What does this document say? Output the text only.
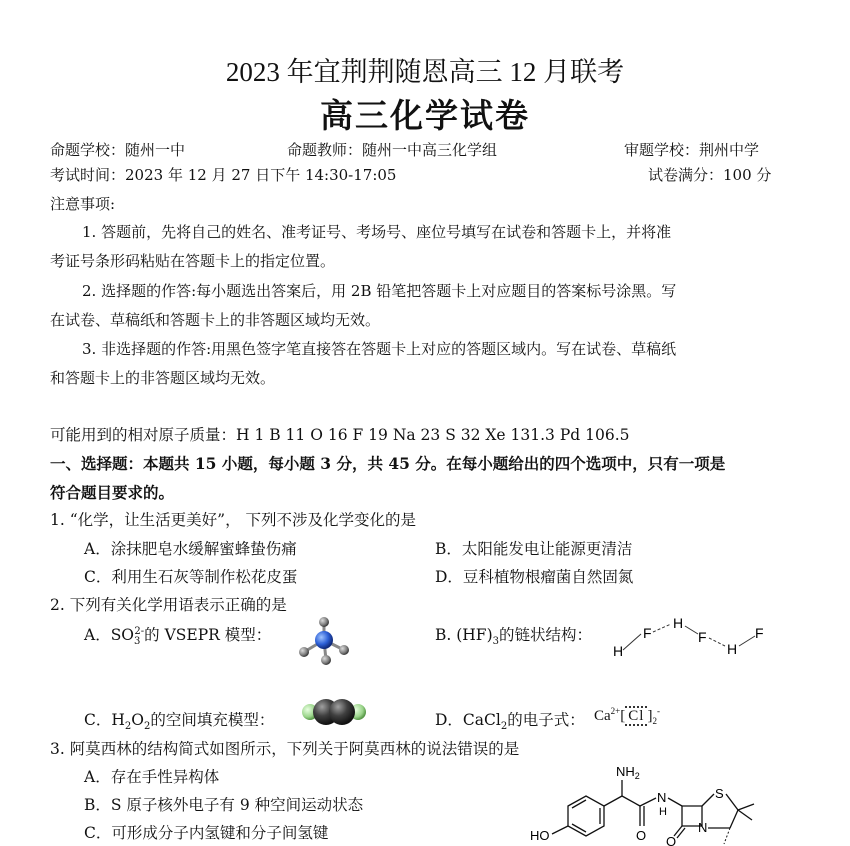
2023 年宜荆荆随恩高三 12 月联考
高三化学试卷
命题学校：随州一中	命题教师：随州一中高三化学组	审题学校：荆州中学
考试时间：2023 年 12 月 27 日下午 14:30-17:05	试卷满分：100 分
注意事项:
1. 答题前，先将自己的姓名、准考证号、考场号、座位号填写在试卷和答题卡上，并将准
考证号条形码粘贴在答题卡上的指定位置。
2. 选择题的作答:每小题选出答案后，用 2B 铅笔把答题卡上对应题目的答案标号涂黑。写
在试卷、草稿纸和答题卡上的非答题区域均无效。
3. 非选择题的作答:用黑色签字笔直接答在答题卡上对应的答题区域内。写在试卷、草稿纸
和答题卡上的非答题区域均无效。
可能用到的相对原子质量：H 1 B 11 O 16 F 19 Na 23 S 32 Xe 131.3 Pd 106.5
一、选择题：本题共 15 小题，每小题 3 分，共 45 分。在每小题给出的四个选项中，只有一项是
符合题目要求的。
1. “化学，让生活更美好”， 下列不涉及化学变化的是
A．涂抹肥皂水缓解蜜蜂蛰伤痛	B．太阳能发电让能源更清洁
C．利用生石灰等制作松花皮蛋	D．豆科植物根瘤菌自然固氮
2. 下列有关化学用语表示正确的是
A．$SO_3^{2-}$的 VSEPR 模型：	B. $(HF)_3$的链状结构：
H
F
H
F
H
F
C．$H_2O_2$的空间填充模型：	D．CaCl$_2$的电子式： $Ca^{2+}$[ Cl ]$_2^-$
3. 阿莫西林的结构简式如图所示，下列关于阿莫西林的说法错误的是
A．存在手性异构体
B．S 原子核外电子有 9 种空间运动状态
C．可形成分子内氢键和分子间氢键
$NH_2$
HO
N
H
S
N
O O
